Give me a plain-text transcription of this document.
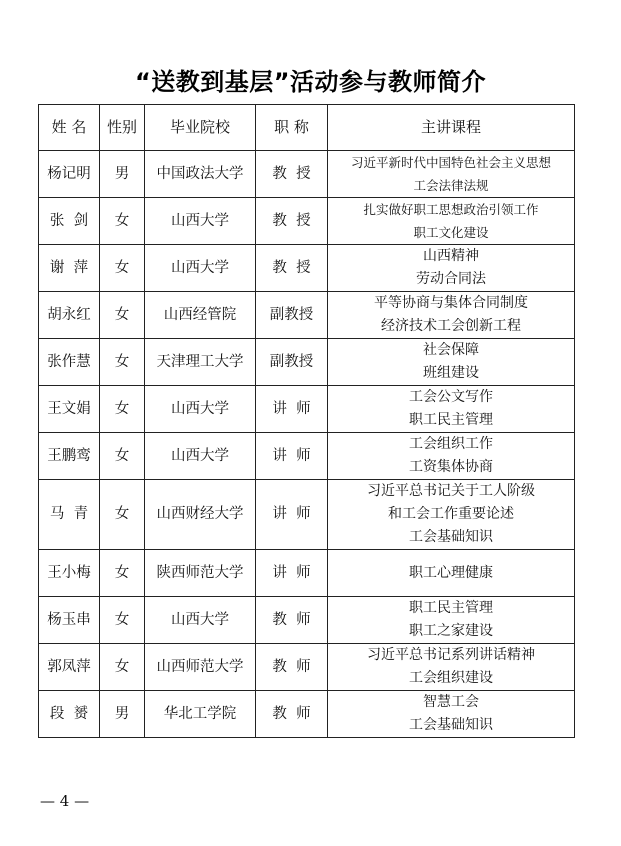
“送教到基层”活动参与教师简介
姓 名	性别	毕业院校	职 称	主讲课程
杨记明	男	中国政法大学	教  授	习近平新时代中国特色社会主义思想
工会法律法规

张  剑	女	山西大学	教  授	扎实做好职工思想政治引领工作
职工文化建设

谢  萍	女	山西大学	教  授	山西精神
劳动合同法

胡永红	女	山西经管院	副教授	平等协商与集体合同制度
经济技术工会创新工程

张作慧	女	天津理工大学	副教授	社会保障
班组建设

王文娟	女	山西大学	讲  师	工会公文写作
职工民主管理

王鹏鸾	女	山西大学	讲  师	工会组织工作
工资集体协商

马  青	女	山西财经大学	讲  师	习近平总书记关于工人阶级
和工会工作重要论述
工会基础知识

王小梅	女	陕西师范大学	讲  师	职工心理健康

杨玉串	女	山西大学	教  师	职工民主管理
职工之家建设

郭凤萍	女	山西师范大学	教  师	习近平总书记系列讲话精神
工会组织建设

段  赟	男	华北工学院	教  师	智慧工会
工会基础知识
— 4 —
